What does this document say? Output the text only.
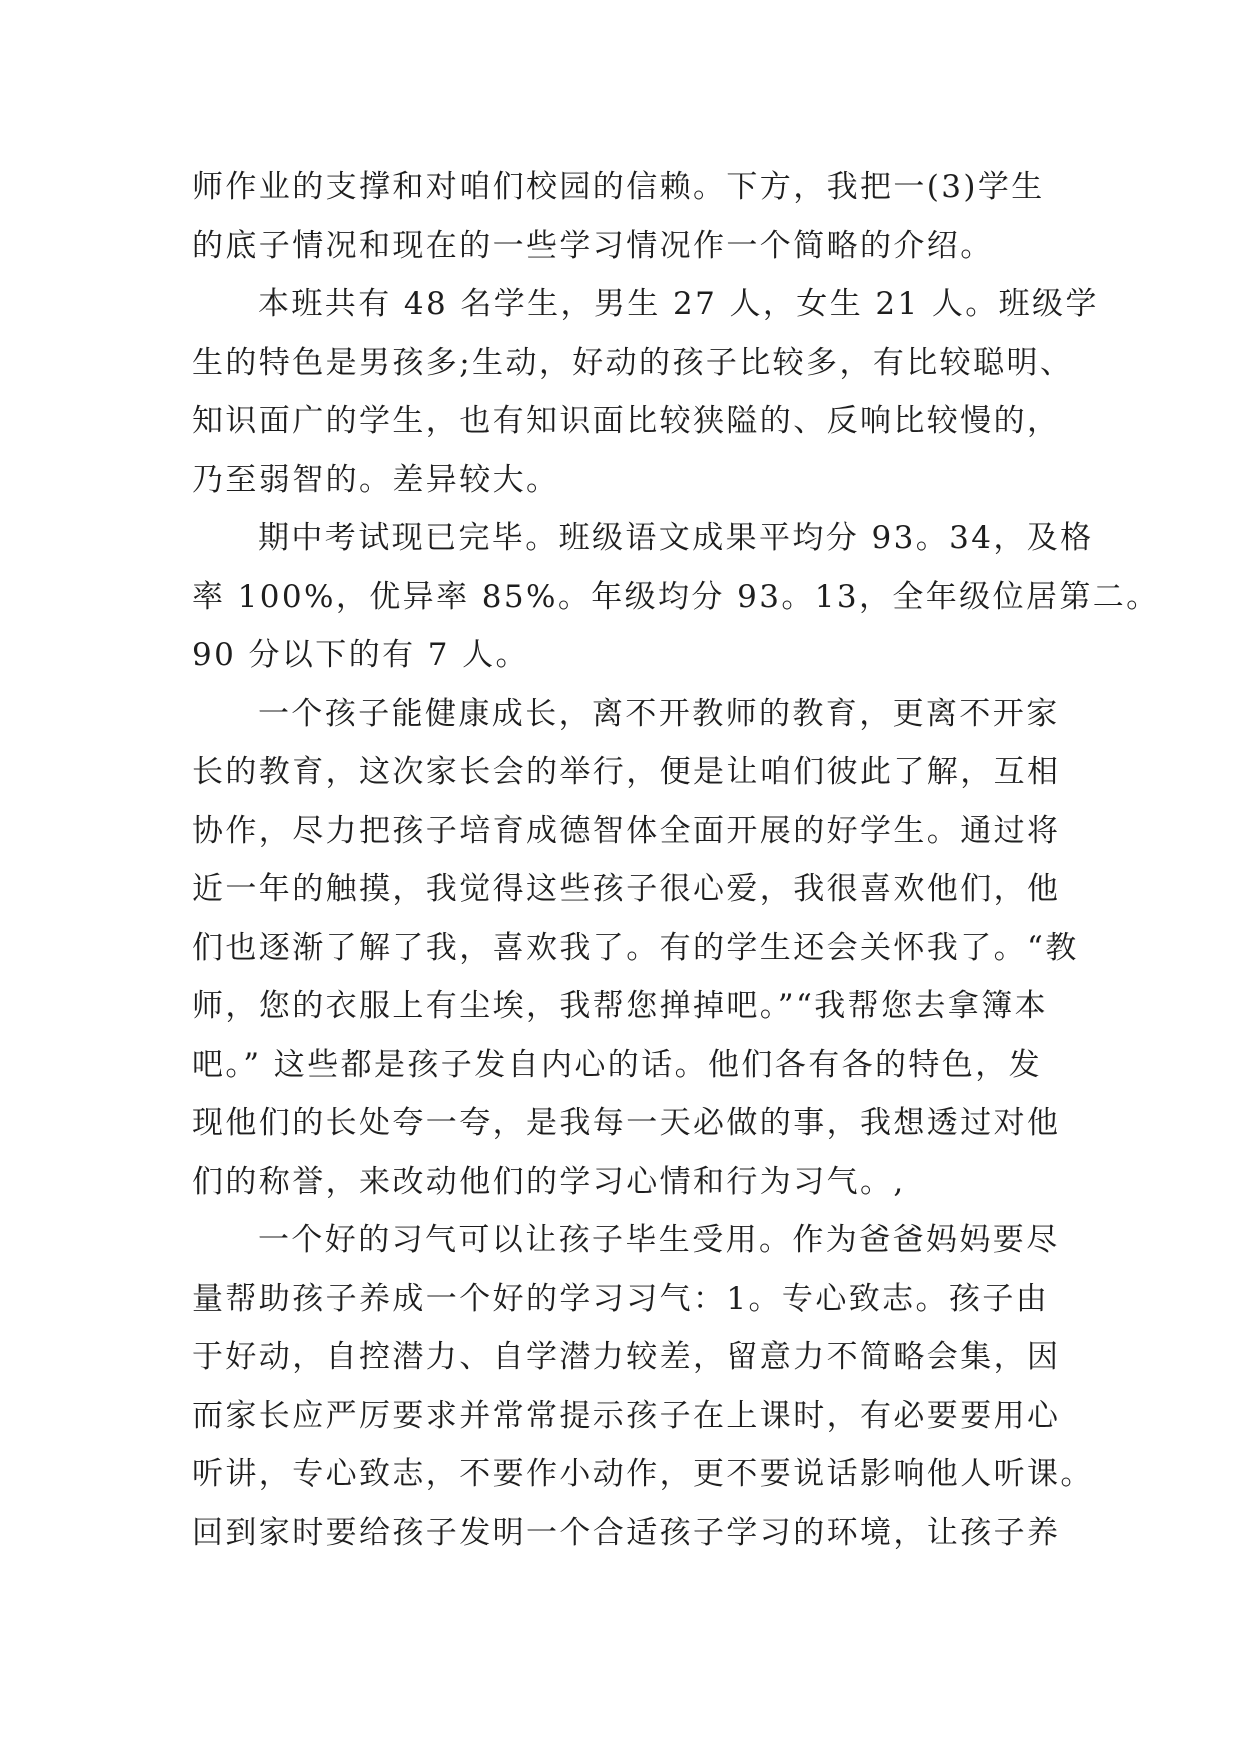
师作业的支撑和对咱们校园的信赖。下方，我把一(3)学生
的底子情况和现在的一些学习情况作一个简略的介绍。
本班共有 48 名学生，男生 27 人，女生 21 人。班级学
生的特色是男孩多;生动，好动的孩子比较多，有比较聪明、
知识面广的学生，也有知识面比较狭隘的、反响比较慢的，
乃至弱智的。差异较大。
期中考试现已完毕。班级语文成果平均分 93。34，及格
率 100%，优异率 85%。年级均分 93。13，全年级位居第二。
90 分以下的有 7 人。
一个孩子能健康成长，离不开教师的教育，更离不开家
长的教育，这次家长会的举行，便是让咱们彼此了解，互相
协作，尽力把孩子培育成德智体全面开展的好学生。通过将
近一年的触摸，我觉得这些孩子很心爱，我很喜欢他们，他
们也逐渐了解了我，喜欢我了。有的学生还会关怀我了。“教
师，您的衣服上有尘埃，我帮您掸掉吧。”“我帮您去拿簿本
吧。” 这些都是孩子发自内心的话。他们各有各的特色，发
现他们的长处夸一夸，是我每一天必做的事，我想透过对他
们的称誉，来改动他们的学习心情和行为习气。,
一个好的习气可以让孩子毕生受用。作为爸爸妈妈要尽
量帮助孩子养成一个好的学习习气：1。专心致志。孩子由
于好动，自控潜力、自学潜力较差，留意力不简略会集，因
而家长应严厉要求并常常提示孩子在上课时，有必要要用心
听讲，专心致志，不要作小动作，更不要说话影响他人听课。
回到家时要给孩子发明一个合适孩子学习的环境，让孩子养
